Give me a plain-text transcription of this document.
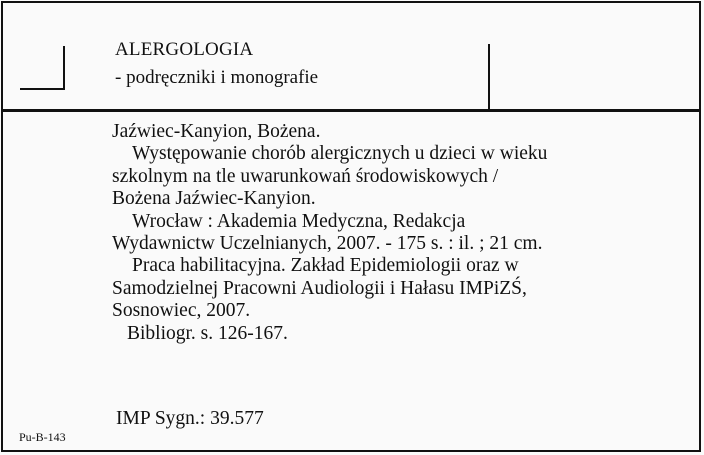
ALERGOLOGIA
- podręczniki i monografie
Jaźwiec-Kanyion, Bożena.
Występowanie chorób alergicznych u dzieci w wieku
szkolnym na tle uwarunkowań środowiskowych /
Bożena Jaźwiec-Kanyion.
Wrocław : Akademia Medyczna, Redakcja
Wydawnictw Uczelnianych, 2007. - 175 s. : il. ; 21 cm.
Praca habilitacyjna. Zakład Epidemiologii oraz w
Samodzielnej Pracowni Audiologii i Hałasu IMPiZŚ,
Sosnowiec, 2007.
Bibliogr. s. 126-167.
IMP Sygn.: 39.577
Pu-B-143
